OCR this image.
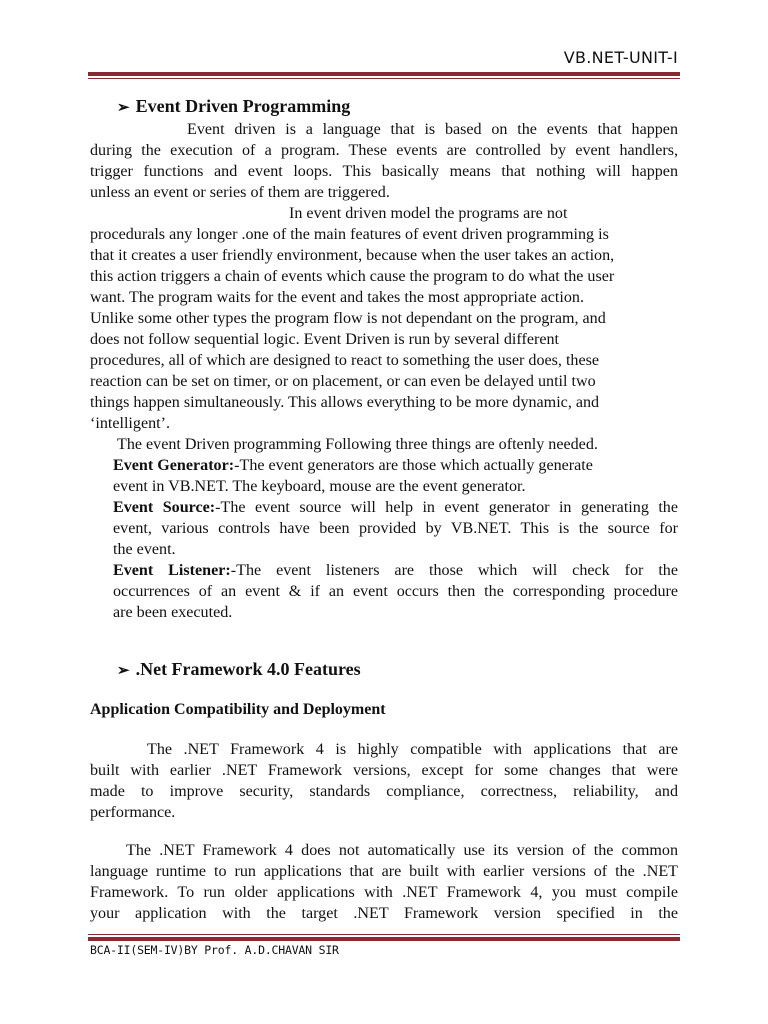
VB.NET-UNIT-I
➢ Event Driven Programming
Event driven is a language that is based on the events that happen
during the execution of a program. These events are controlled by event handlers,
trigger functions and event loops. This basically means that nothing will happen
unless an event or series of them are triggered.
In event driven model the programs are not
procedurals any longer .one of the main features of event driven programming is
that it creates a user friendly environment, because when the user takes an action,
this action triggers a chain of events which cause the program to do what the user
want. The program waits for the event and takes the most appropriate action.
Unlike some other types the program flow is not dependant on the program, and
does not follow sequential logic. Event Driven is run by several different
procedures, all of which are designed to react to something the user does, these
reaction can be set on timer, or on placement, or can even be delayed until two
things happen simultaneously. This allows everything to be more dynamic, and
‘intelligent’.
The event Driven programming Following three things are oftenly needed.
Event Generator:-The event generators are those which actually generate
event in VB.NET. The keyboard, mouse are the event generator.
Event Source:-The event source will help in event generator in generating the
event, various controls have been provided by VB.NET. This is the source for
the event.
Event Listener:-The event listeners are those which will check for the
occurrences of an event & if an event occurs then the corresponding procedure
are been executed.
➢ .Net Framework 4.0 Features
Application Compatibility and Deployment
The .NET Framework 4 is highly compatible with applications that are
built with earlier .NET Framework versions, except for some changes that were
made to improve security, standards compliance, correctness, reliability, and
performance.
The .NET Framework 4 does not automatically use its version of the common
language runtime to run applications that are built with earlier versions of the .NET
Framework. To run older applications with .NET Framework 4, you must compile
your application with the target .NET Framework version specified in the
BCA-II(SEM-IV)BY Prof. A.D.CHAVAN SIR
